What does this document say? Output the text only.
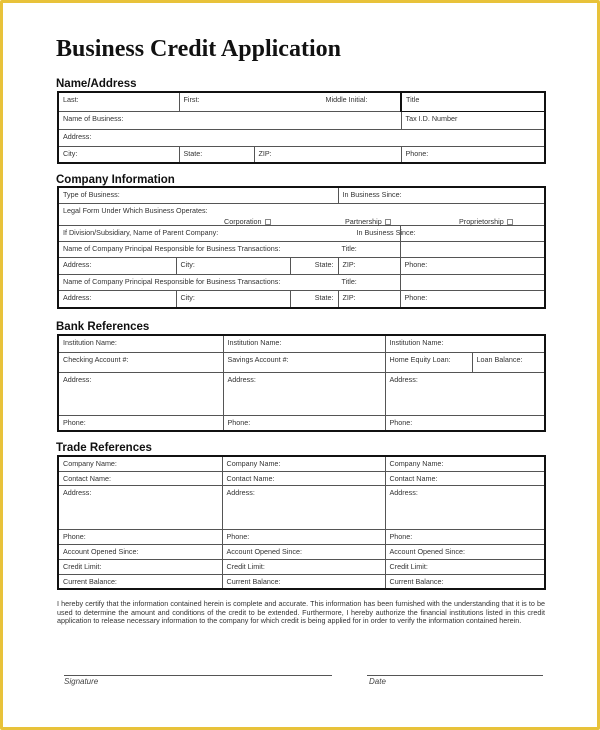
Business Credit Application
Name/Address
Last:	First: Middle Initial:		Title
Name of Business:			Tax I.D. Number
Address:			
City:	State:	ZIP:	Phone:
Company Information
Type of Business:			In Business Since:	
Legal Form Under Which Business Operates:
Corporation Partnership Proprietorship				

If Division/Subsidiary, Name of Parent Company:				In Business Since:
Name of Company Principal Responsible for Business Transactions:				Title:
Address:	City:	State:	ZIP:	Phone:
Name of Company Principal Responsible for Business Transactions:				Title:
Address:	City:	State:	ZIP:	Phone:
Bank References
Institution Name:	Institution Name:	Institution Name:	
Checking Account #:	Savings Account #:	Home Equity Loan:	Loan Balance:
Address:	Address:	Address:	
Phone:	Phone:	Phone:	
Trade References
Company Name:	Company Name:	Company Name:
Contact Name:	Contact Name:	Contact Name:
Address:	Address:	Address:
Phone:	Phone:	Phone:
Account Opened Since:	Account Opened Since:	Account Opened Since:
Credit Limit:	Credit Limit:	Credit Limit:
Current Balance:	Current Balance:	Current Balance:
I hereby certify that the information contained herein is complete and accurate. This information has been furnished with the understanding that it is to be used to determine the amount and conditions of the credit to be extended. Furthermore, I hereby authorize the financial institutions listed in this credit application to release necessary information to the company for which credit is being applied for in order to verify the information contained herein.
Signature	Date
